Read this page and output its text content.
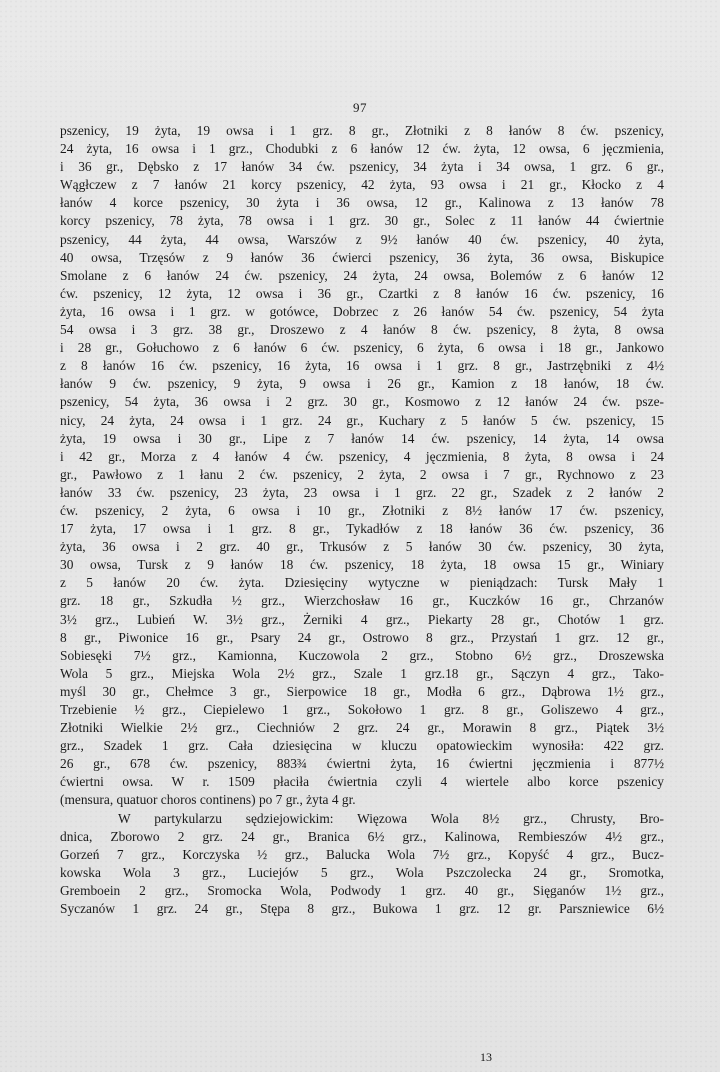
97
pszenicy, 19 żyta, 19 owsa i 1 grz. 8 gr., Złotniki z 8 łanów 8 ćw. pszenicy,
24 żyta, 16 owsa i 1 grz., Chodubki z 6 łanów 12 ćw. żyta, 12 owsa, 6 jęczmienia,
i 36 gr., Dębsko z 17 łanów 34 ćw. pszenicy, 34 żyta i 34 owsa, 1 grz. 6 gr.,
Wągłczew z 7 łanów 21 korcy pszenicy, 42 żyta, 93 owsa i 21 gr., Kłocko z 4
łanów 4 korce pszenicy, 30 żyta i 36 owsa, 12 gr., Kalinowa z 13 łanów 78
korcy pszenicy, 78 żyta, 78 owsa i 1 grz. 30 gr., Solec z 11 łanów 44 ćwiertnie
pszenicy, 44 żyta, 44 owsa, Warszów z 9½ łanów 40 ćw. pszenicy, 40 żyta,
40 owsa, Trzęsów z 9 łanów 36 ćwierci pszenicy, 36 żyta, 36 owsa, Biskupice
Smolane z 6 łanów 24 ćw. pszenicy, 24 żyta, 24 owsa, Bolemów z 6 łanów 12
ćw. pszenicy, 12 żyta, 12 owsa i 36 gr., Czartki z 8 łanów 16 ćw. pszenicy, 16
żyta, 16 owsa i 1 grz. w gotówce, Dobrzec z 26 łanów 54 ćw. pszenicy, 54 żyta
54 owsa i 3 grz. 38 gr., Droszewo z 4 łanów 8 ćw. pszenicy, 8 żyta, 8 owsa
i 28 gr., Gołuchowo z 6 łanów 6 ćw. pszenicy, 6 żyta, 6 owsa i 18 gr., Jankowo
z 8 łanów 16 ćw. pszenicy, 16 żyta, 16 owsa i 1 grz. 8 gr., Jastrzębniki z 4½
łanów 9 ćw. pszenicy, 9 żyta, 9 owsa i 26 gr., Kamion z 18 łanów, 18 ćw.
pszenicy, 54 żyta, 36 owsa i 2 grz. 30 gr., Kosmowo z 12 łanów 24 ćw. psze-
nicy, 24 żyta, 24 owsa i 1 grz. 24 gr., Kuchary z 5 łanów 5 ćw. pszenicy, 15
żyta, 19 owsa i 30 gr., Lipe z 7 łanów 14 ćw. pszenicy, 14 żyta, 14 owsa
i 42 gr., Morza z 4 łanów 4 ćw. pszenicy, 4 jęczmienia, 8 żyta, 8 owsa i 24
gr., Pawłowo z 1 łanu 2 ćw. pszenicy, 2 żyta, 2 owsa i 7 gr., Rychnowo z 23
łanów 33 ćw. pszenicy, 23 żyta, 23 owsa i 1 grz. 22 gr., Szadek z 2 łanów 2
ćw. pszenicy, 2 żyta, 6 owsa i 10 gr., Złotniki z 8½ łanów 17 ćw. pszenicy,
17 żyta, 17 owsa i 1 grz. 8 gr., Tykadłów z 18 łanów 36 ćw. pszenicy, 36
żyta, 36 owsa i 2 grz. 40 gr., Trkusów z 5 łanów 30 ćw. pszenicy, 30 żyta,
30 owsa, Tursk z 9 łanów 18 ćw. pszenicy, 18 żyta, 18 owsa 15 gr., Winiary
z 5 łanów 20 ćw. żyta. Dziesięciny wytyczne w pieniądzach: Tursk Mały 1
grz. 18 gr., Szkudła ½ grz., Wierzchosław 16 gr., Kuczków 16 gr., Chrzanów
3½ grz., Lubień W. 3½ grz., Żerniki 4 grz., Piekarty 28 gr., Chotów 1 grz.
8 gr., Piwonice 16 gr., Psary 24 gr., Ostrowo 8 grz., Przystań 1 grz. 12 gr.,
Sobiesęki 7½ grz., Kamionna, Kuczowola 2 grz., Stobno 6½ grz., Droszewska
Wola 5 grz., Miejska Wola 2½ grz., Szale 1 grz.18 gr., Sączyn 4 grz., Tako-
myśl 30 gr., Chełmce 3 gr., Sierpowice 18 gr., Modła 6 grz., Dąbrowa 1½ grz.,
Trzebienie ½ grz., Ciepielewo 1 grz., Sokołowo 1 grz. 8 gr., Goliszewo 4 grz.,
Złotniki Wielkie 2½ grz., Ciechniów 2 grz. 24 gr., Morawin 8 grz., Piątek 3½
grz., Szadek 1 grz. Cała dziesięcina w kluczu opatowieckim wynosiła: 422 grz.
26 gr., 678 ćw. pszenicy, 883¾ ćwiertni żyta, 16 ćwiertni jęczmienia i 877½
ćwiertni owsa. W r. 1509 płaciła ćwiertnia czyli 4 wiertele albo korce pszenicy
(mensura, quatuor choros continens) po 7 gr., żyta 4 gr.
W partykularzu sędziejowickim: Więzowa Wola 8½ grz., Chrusty, Bro-
dnica, Zborowo 2 grz. 24 gr., Branica 6½ grz., Kalinowa, Rembieszów 4½ grz.,
Gorzeń 7 grz., Korczyska ½ grz., Balucka Wola 7½ grz., Kopyść 4 grz., Bucz-
kowska Wola 3 grz., Luciejów 5 grz., Wola Pszczolecka 24 gr., Sromotka,
Gremboein 2 grz., Sromocka Wola, Podwody 1 grz. 40 gr., Sięganów 1½ grz.,
Syczanów 1 grz. 24 gr., Stępa 8 grz., Bukowa 1 grz. 12 gr. Parszniewice 6½
13
